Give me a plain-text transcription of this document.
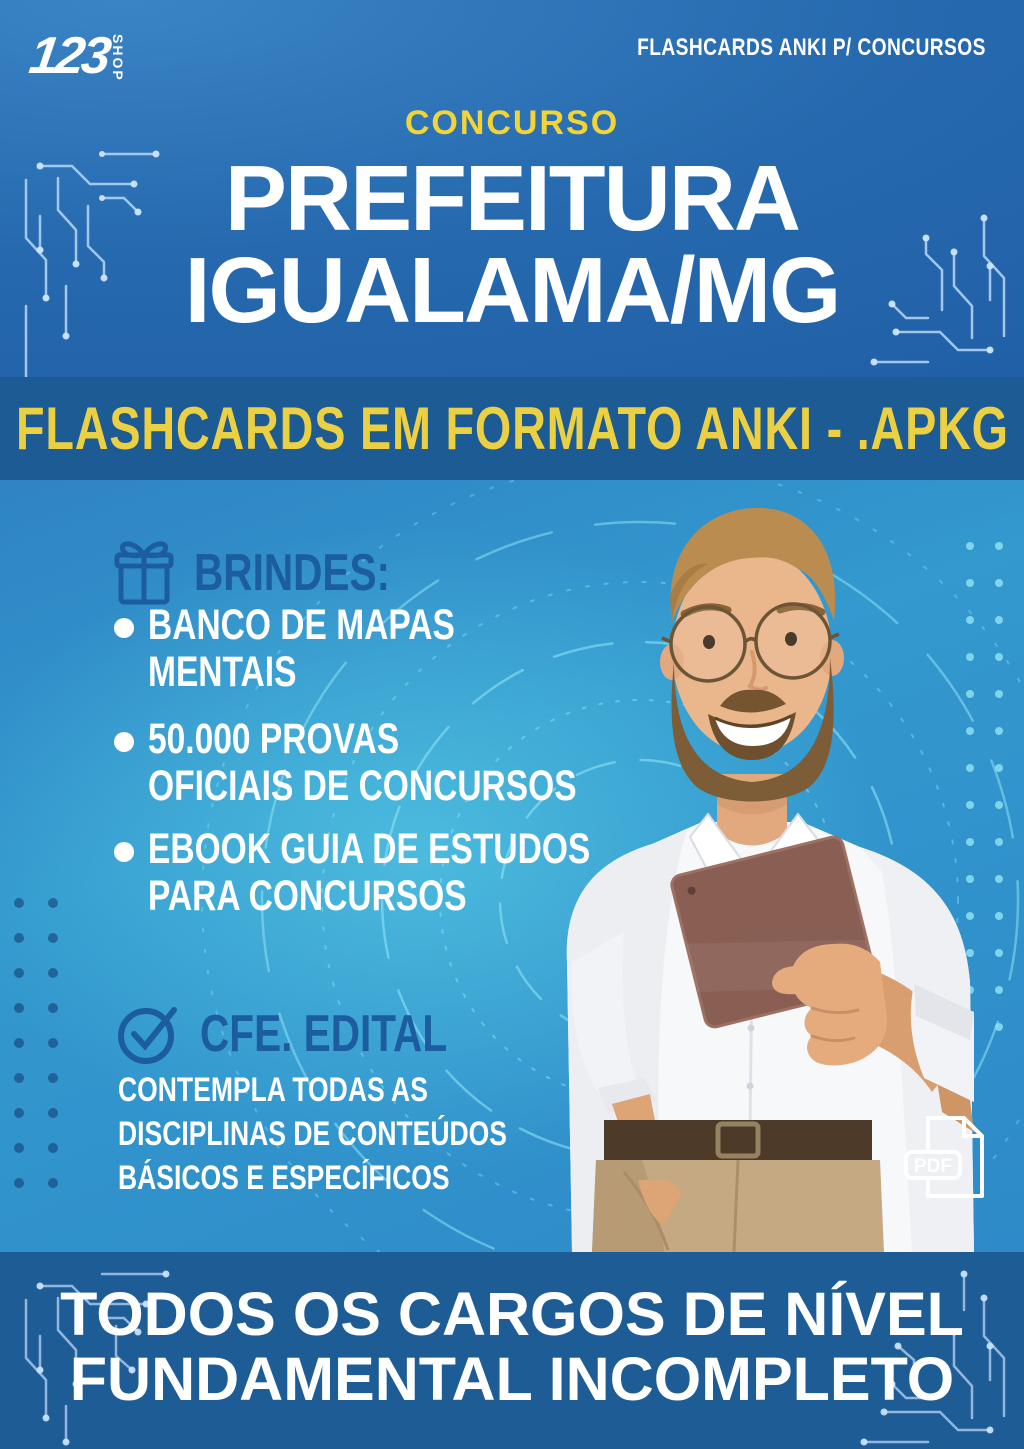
123
SHOP	FLASHCARDS ANKI P/ CONCURSOS
CONCURSO
PREFEITURA
IGUALAMA/MG
FLASHCARDS EM FORMATO ANKI - .APKG
BRINDES:
BANCO DE MAPAS
MENTAIS
50.000 PROVAS
OFICIAIS DE CONCURSOS
EBOOK GUIA DE ESTUDOS
PARA CONCURSOS
CFE. EDITAL
CONTEMPLA TODAS AS
DISCIPLINAS DE CONTEÚDOS
BÁSICOS E ESPECÍFICOS	PDF
TODOS OS CARGOS DE NÍVEL
FUNDAMENTAL INCOMPLETO
